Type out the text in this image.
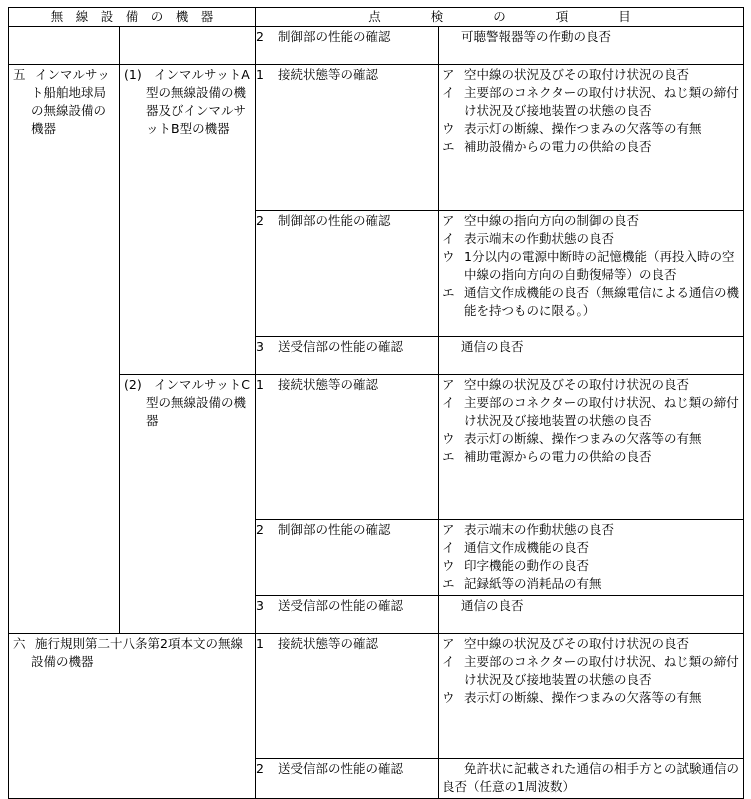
無　線　設　備　の　機　器		点　　　　検　　　　の　　　　項　　　　目	

		2 制御部の性能の確認	可聴警報器等の作動の良否

五 インマルサット船舶地球局の無線設備の機器	(1) インマルサットA型の無線設備の機器及びインマルサットB型の機器	1 接続状態等の確認	ア 空中線の状況及びその取付け状況の良否
イ 主要部のコネクターの取付け状況、ねじ類の締付け状況及び接地装置の状態の良否
ウ 表示灯の断線、操作つまみの欠落等の有無
エ 補助設備からの電力の供給の良否

		2 制御部の性能の確認	ア 空中線の指向方向の制御の良否
イ 表示端末の作動状態の良否
ウ 1分以内の電源中断時の記憶機能（再投入時の空中線の指向方向の自動復帰等）の良否
エ 通信文作成機能の良否（無線電信による通信の機能を持つものに限る。）

		3 送受信部の性能の確認	通信の良否

	(2) インマルサットC型の無線設備の機器	1 接続状態等の確認	ア 空中線の状況及びその取付け状況の良否
イ 主要部のコネクターの取付け状況、ねじ類の締付け状況及び接地装置の状態の良否
ウ 表示灯の断線、操作つまみの欠落等の有無
エ 補助電源からの電力の供給の良否

		2 制御部の性能の確認	ア 表示端末の作動状態の良否
イ 通信文作成機能の良否
ウ 印字機能の動作の良否
エ 記録紙等の消耗品の有無

		3 送受信部の性能の確認	通信の良否

六 施行規則第二十八条第2項本文の無線設備の機器		1 接続状態等の確認	ア 空中線の状況及びその取付け状況の良否
イ 主要部のコネクターの取付け状況、ねじ類の締付け状況及び接地装置の状態の良否
ウ 表示灯の断線、操作つまみの欠落等の有無

		2 送受信部の性能の確認	免許状に記載された通信の相手方との試験通信の良否（任意の1周波数）
